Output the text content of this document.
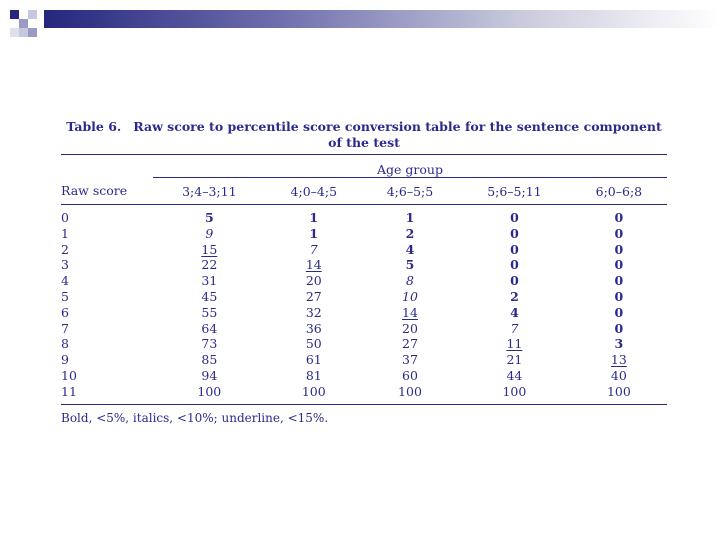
Table 6. Raw score to percentile score conversion table for the sentence component of the test
	Age group				
Raw score	3;4–3;11	4;0–4;5	4;6–5;5	5;6–5;11	6;0–6;8
0	5	1	1	0	0
1	9	1	2	0	0
2	15	7	4	0	0
3	22	14	5	0	0
4	31	20	8	0	0
5	45	27	10	2	0
6	55	32	14	4	0
7	64	36	20	7	0
8	73	50	27	11	3
9	85	61	37	21	13
10	94	81	60	44	40
11	100	100	100	100	100
Bold, <5%, italics, <10%; underline, <15%.
